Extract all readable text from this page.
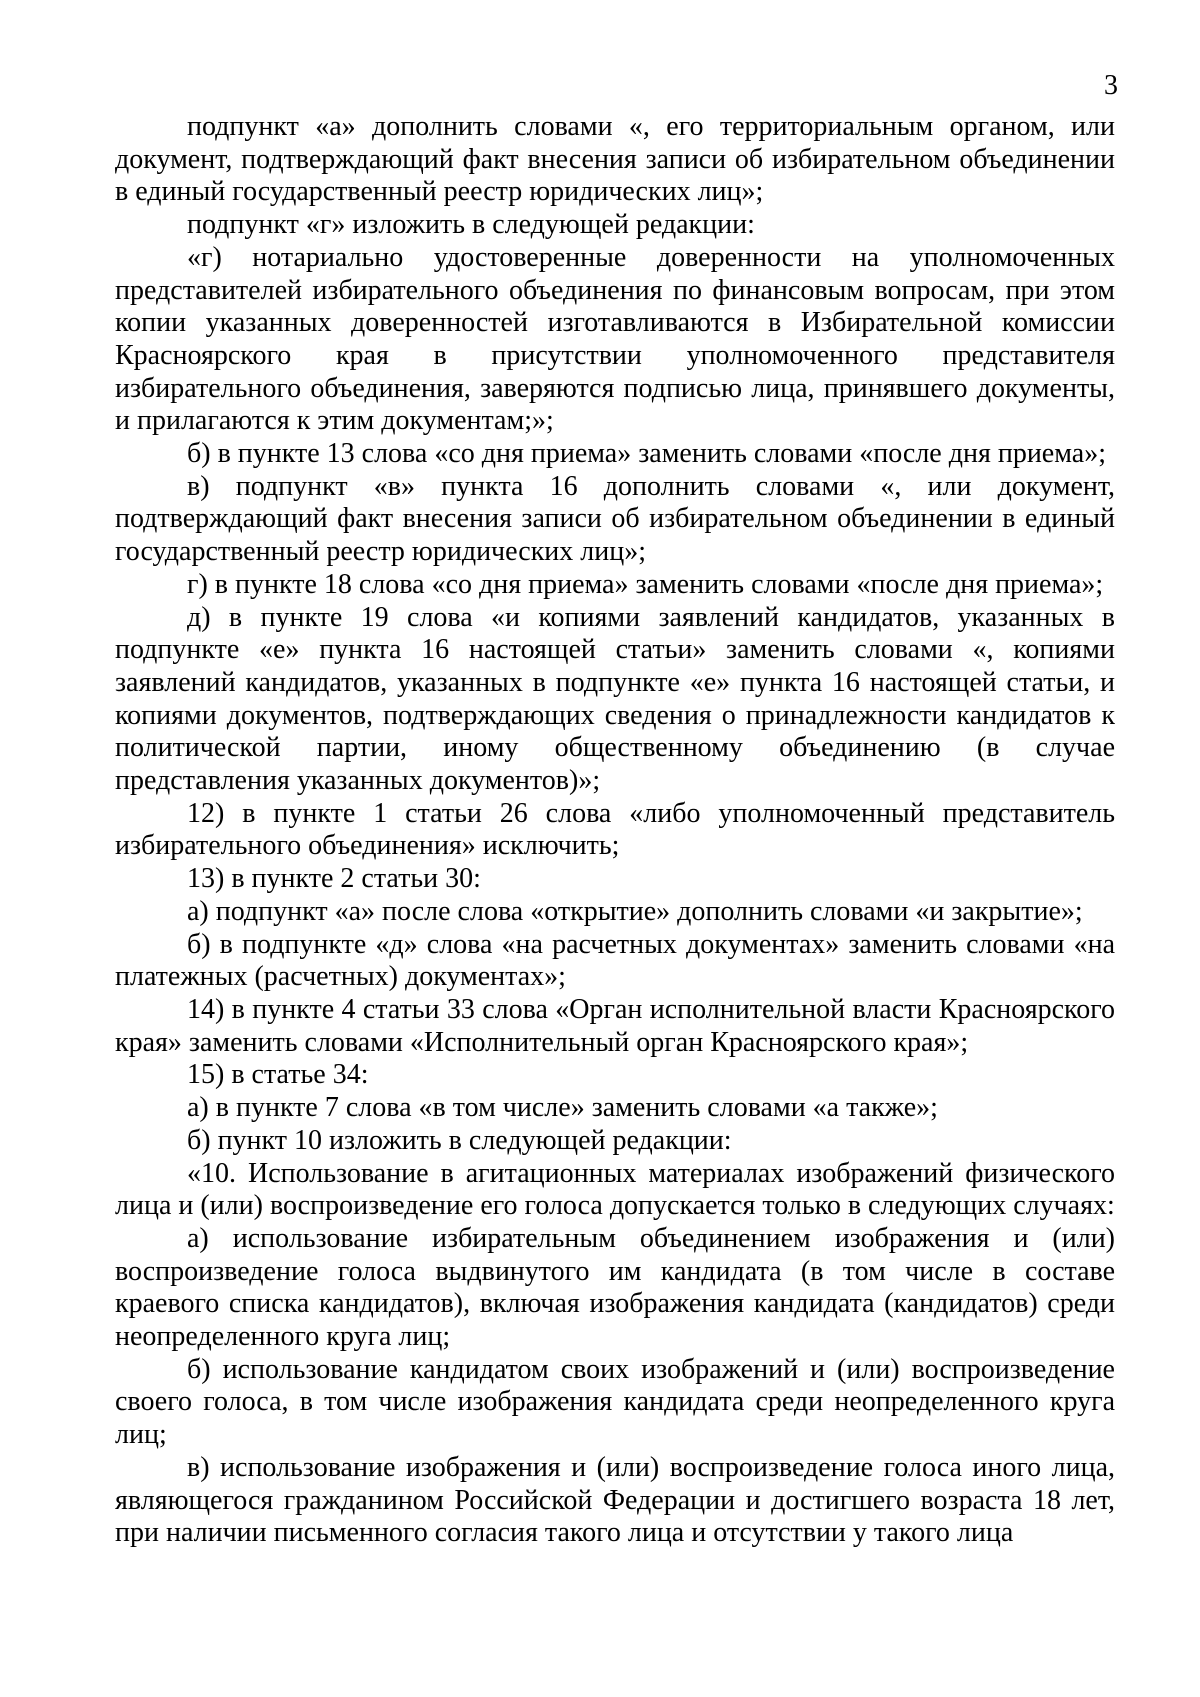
3

подпункт «а» дополнить словами «, его территориальным органом, или документ, подтверждающий факт внесения записи об избирательном объединении в единый государственный реестр юридических лиц»;

подпункт «г» изложить в следующей редакции:

«г) нотариально удостоверенные доверенности на уполномоченных представителей избирательного объединения по финансовым вопросам, при этом копии указанных доверенностей изготавливаются в Избирательной комиссии Красноярского края в присутствии уполномоченного представителя избирательного объединения, заверяются подписью лица, принявшего документы, и прилагаются к этим документам;»;

б) в пункте 13 слова «со дня приема» заменить словами «после дня приема»;

в) подпункт «в» пункта 16 дополнить словами «, или документ, подтверждающий факт внесения записи об избирательном объединении в единый государственный реестр юридических лиц»;

г) в пункте 18 слова «со дня приема» заменить словами «после дня приема»;

д) в пункте 19 слова «и копиями заявлений кандидатов, указанных в подпункте «е» пункта 16 настоящей статьи» заменить словами «, копиями заявлений кандидатов, указанных в подпункте «е» пункта 16 настоящей статьи, и копиями документов, подтверждающих сведения о принадлежности кандидатов к политической партии, иному общественному объединению (в случае представления указанных документов)»;

12) в пункте 1 статьи 26 слова «либо уполномоченный представитель избирательного объединения» исключить;

13) в пункте 2 статьи 30:

а) подпункт «а» после слова «открытие» дополнить словами «и закрытие»;

б) в подпункте «д» слова «на расчетных документах» заменить словами «на платежных (расчетных) документах»;

14) в пункте 4 статьи 33 слова «Орган исполнительной власти Красноярского края» заменить словами «Исполнительный орган Красноярского края»;

15) в статье 34:

а) в пункте 7 слова «в том числе» заменить словами «а также»;

б) пункт 10 изложить в следующей редакции:

«10. Использование в агитационных материалах изображений физического лица и (или) воспроизведение его голоса допускается только в следующих случаях:

а) использование избирательным объединением изображения и (или) воспроизведение голоса выдвинутого им кандидата (в том числе в составе краевого списка кандидатов), включая изображения кандидата (кандидатов) среди неопределенного круга лиц;

б) использование кандидатом своих изображений и (или) воспроизведение своего голоса, в том числе изображения кандидата среди неопределенного круга лиц;

в) использование изображения и (или) воспроизведение голоса иного лица, являющегося гражданином Российской Федерации и достигшего возраста 18 лет, при наличии письменного согласия такого лица и отсутствии у такого лица
